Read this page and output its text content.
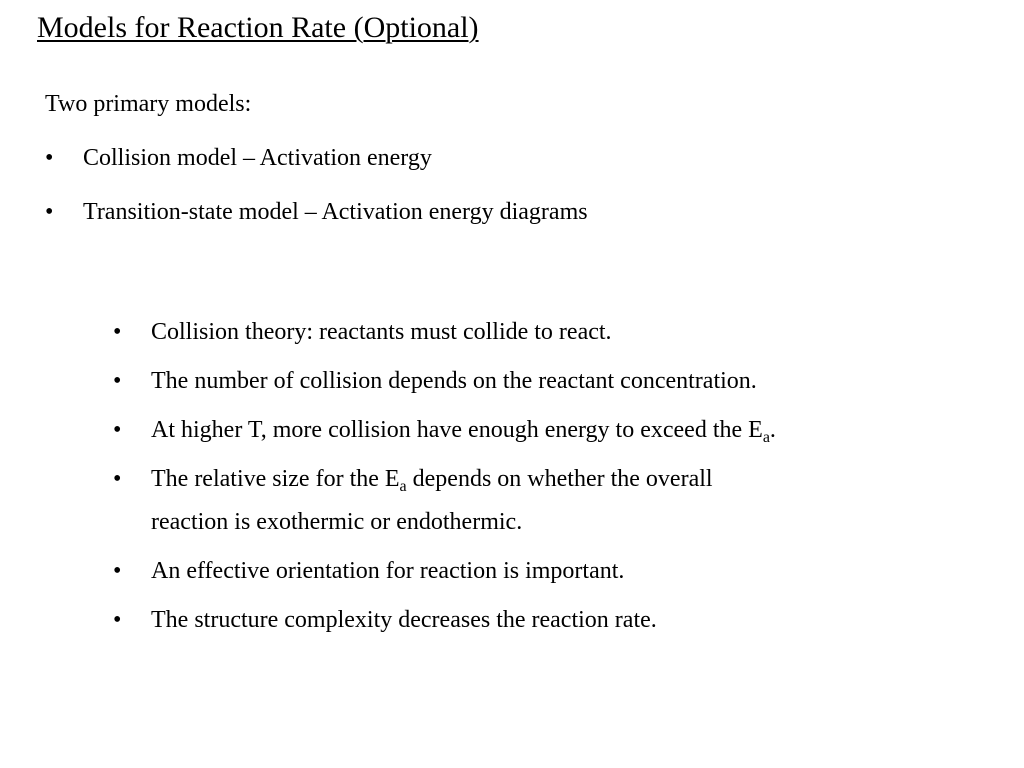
Models for Reaction Rate (Optional)
Two primary models:
•	Collision model – Activation energy
•	Transition-state model – Activation energy diagrams
•	Collision theory: reactants must collide to react.
•	The number of collision depends on the reactant concentration.
•	At higher T, more collision have enough energy to exceed the $E_a$.
•	The relative size for the $E_a$ depends on whether the overall
reaction is exothermic or endothermic.
•	An effective orientation for reaction is important.
•	The structure complexity decreases the reaction rate.
